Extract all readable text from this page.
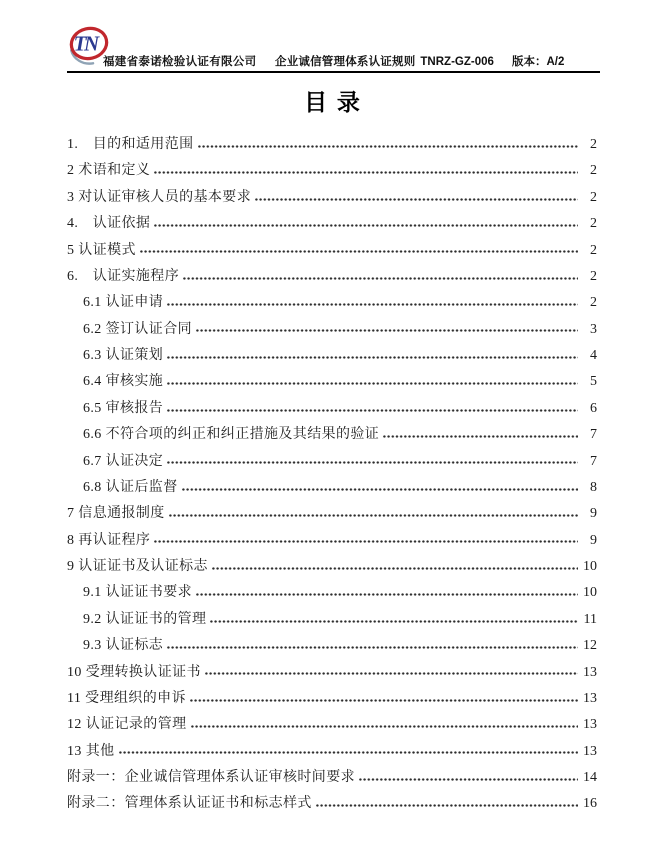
TN
福建省泰诺检验认证有限公司 企业诚信管理体系认证规则 TNRZ-GZ-006 版本：A/2
目 录
1.　目的和适用范围	2
2 术语和定义	2
3 对认证审核人员的基本要求	2
4.　认证依据	2
5 认证模式	2
6.　认证实施程序	2
6.1 认证申请	2
6.2 签订认证合同	3
6.3 认证策划	4
6.4 审核实施	5
6.5 审核报告	6
6.6 不符合项的纠正和纠正措施及其结果的验证	7
6.7 认证决定	7
6.8 认证后监督	8
7 信息通报制度	9
8 再认证程序	9
9 认证证书及认证标志	10
9.1 认证证书要求	10
9.2 认证证书的管理	11
9.3 认证标志	12
10 受理转换认证证书	13
11 受理组织的申诉	13
12 认证记录的管理	13
13 其他	13
附录一：企业诚信管理体系认证审核时间要求	14
附录二：管理体系认证证书和标志样式	16
